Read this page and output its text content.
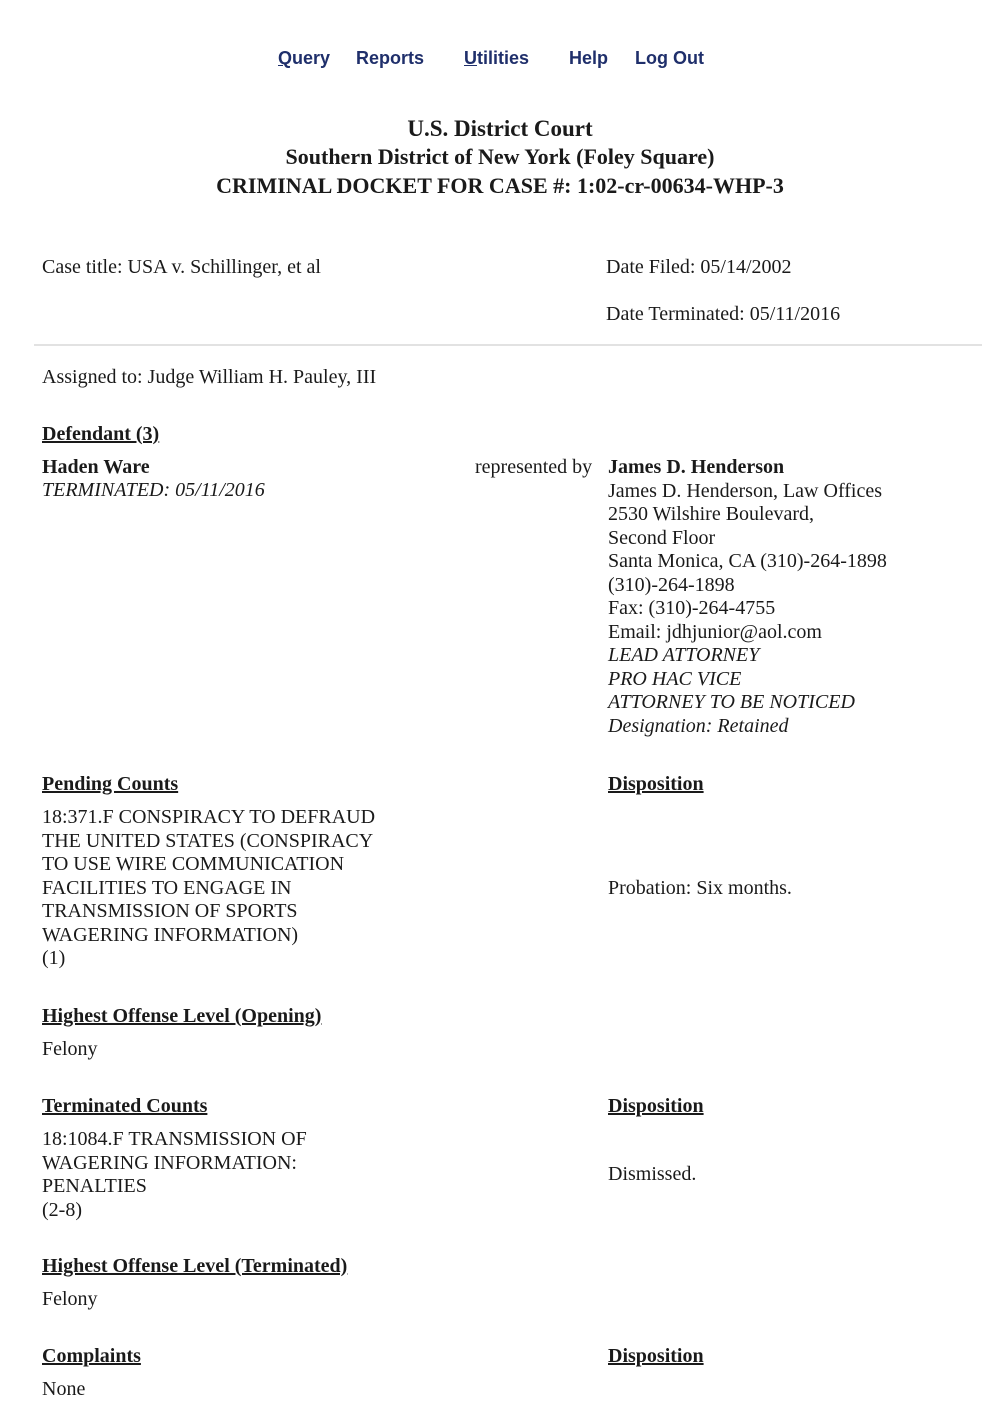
Query Reports Utilities Help Log Out
U.S. District Court
Southern District of New York (Foley Square)
CRIMINAL DOCKET FOR CASE #: 1:02-cr-00634-WHP-3
Case title: USA v. Schillinger, et al	Date Filed: 05/14/2002
Date Terminated: 05/11/2016
Assigned to: Judge William H. Pauley, III
Defendant (3)
Haden Ware
TERMINATED: 05/11/2016
represented by James D. Henderson
James D. Henderson, Law Offices
2530 Wilshire Boulevard,
Second Floor
Santa Monica, CA (310)-264-1898
(310)-264-1898
Fax: (310)-264-4755
Email: jdhjunior@aol.com
LEAD ATTORNEY
PRO HAC VICE
ATTORNEY TO BE NOTICED
Designation: Retained
Pending Counts	Disposition
18:371.F CONSPIRACY TO DEFRAUD
THE UNITED STATES (CONSPIRACY
TO USE WIRE COMMUNICATION
FACILITIES TO ENGAGE IN
TRANSMISSION OF SPORTS
WAGERING INFORMATION)
(1)
Probation: Six months.
Highest Offense Level (Opening)
Felony
Terminated Counts	Disposition
18:1084.F TRANSMISSION OF
WAGERING INFORMATION:
PENALTIES
(2-8)
Dismissed.
Highest Offense Level (Terminated)
Felony
Complaints	Disposition
None
